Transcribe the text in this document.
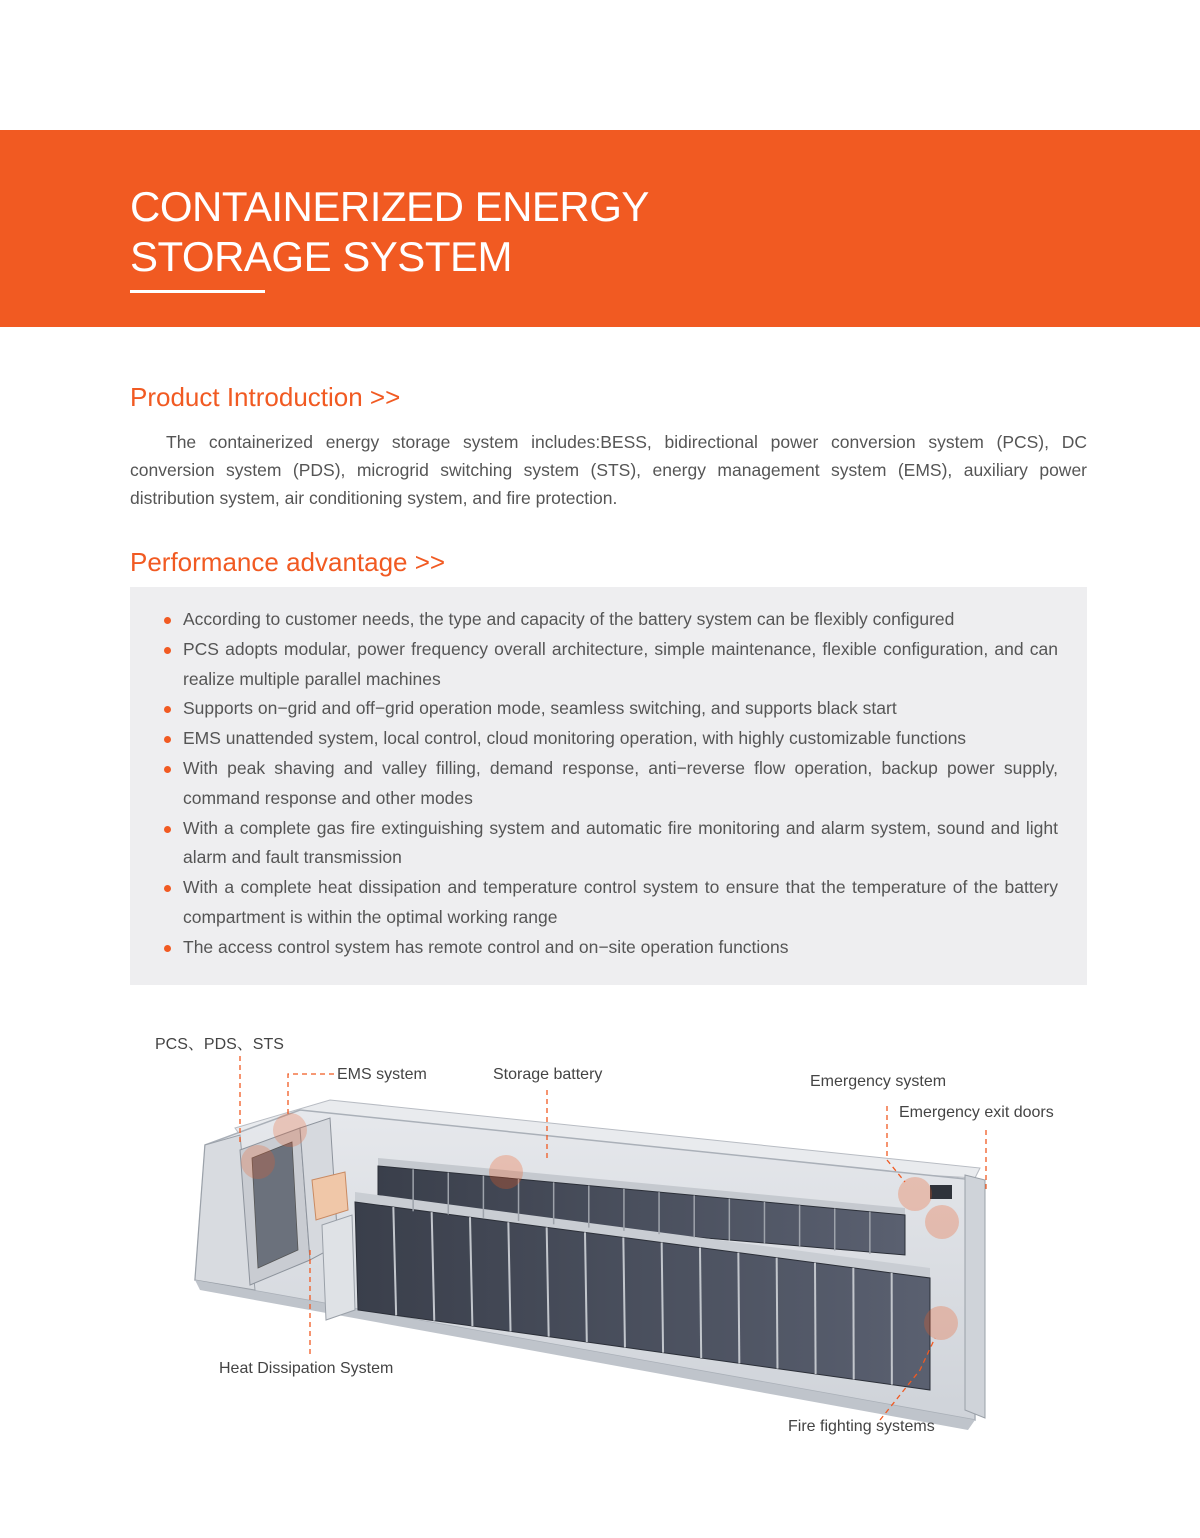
CONTAINERIZED ENERGY
STORAGE SYSTEM
Product Introduction >>

The containerized energy storage system includes:BESS, bidirectional power conversion system (PCS), DC conversion system (PDS), microgrid switching system (STS), energy management system (EMS), auxiliary power distribution system, air conditioning system, and fire protection.

Performance advantage >>
According to customer needs, the type and capacity of the battery system can be flexibly configured
PCS adopts modular, power frequency overall architecture, simple maintenance, flexible configuration, and can realize multiple parallel machines
Supports on−grid and off−grid operation mode, seamless switching, and supports black start
EMS unattended system, local control, cloud monitoring operation, with highly customizable functions
With peak shaving and valley filling, demand response, anti−reverse flow operation, backup power supply, command response and other modes
With a complete gas fire extinguishing system and automatic fire monitoring and alarm system, sound and light alarm and fault transmission
With a complete heat dissipation and temperature control system to ensure that the temperature of the battery compartment is within the optimal working range
The access control system has remote control and on−site operation functions
PCS、PDS、STS
EMS system	Storage battery	Emergency system
Emergency exit doors
Heat Dissipation System
Fire fighting systems
